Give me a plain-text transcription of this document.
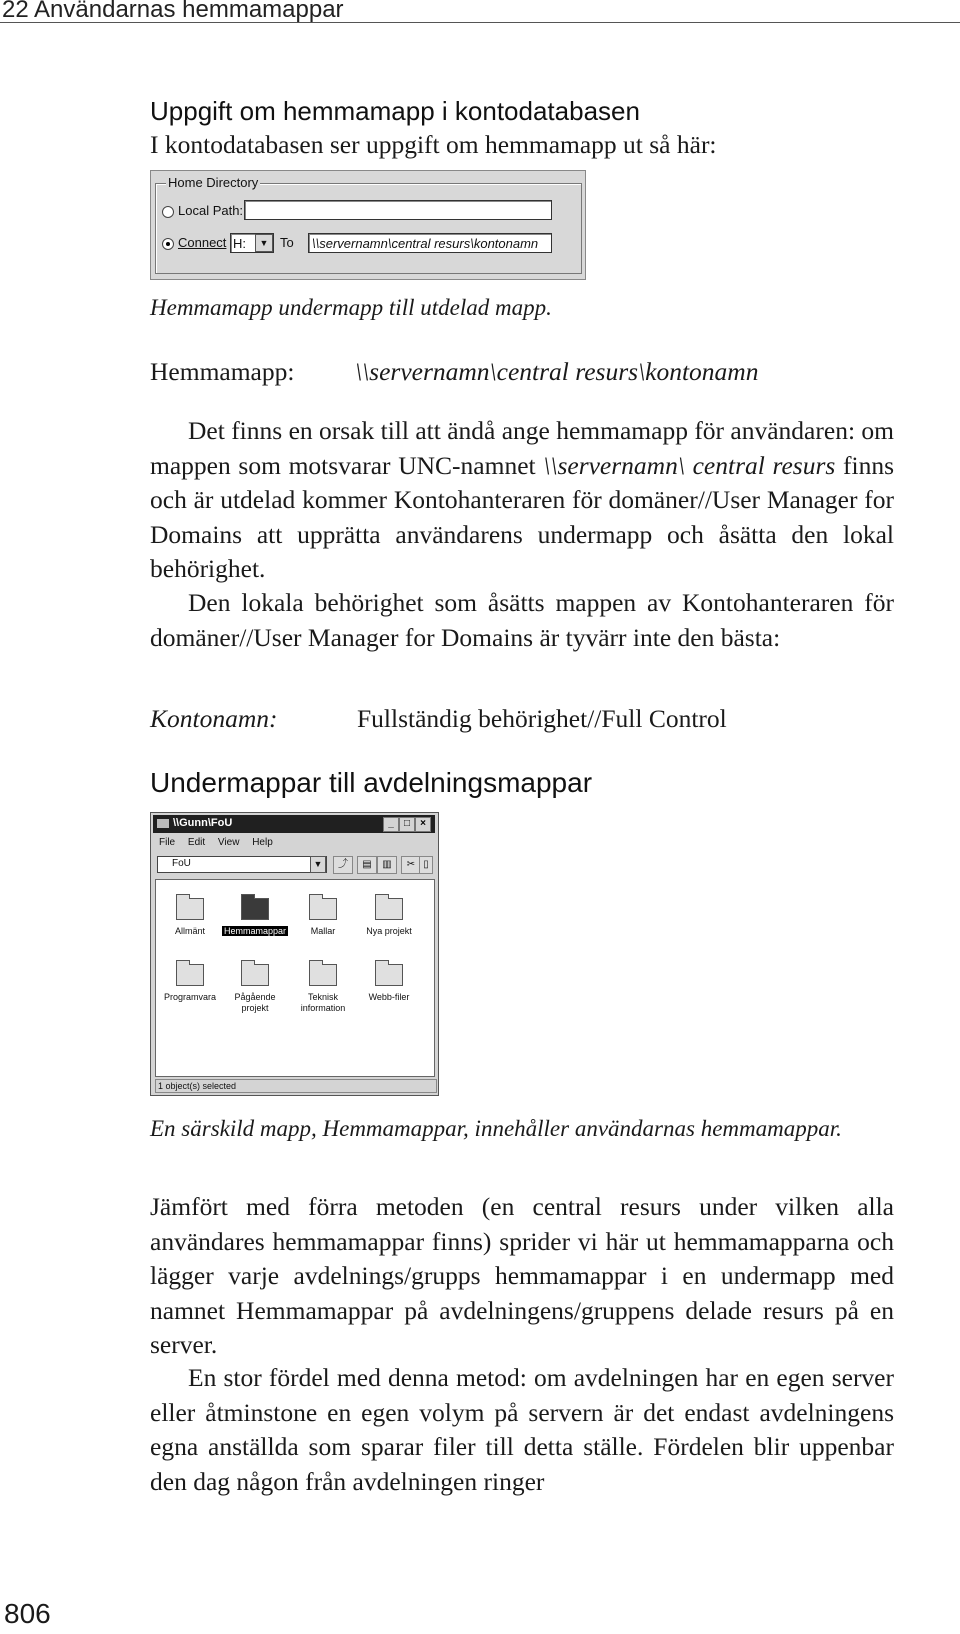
22 Användarnas hemmamappar
Uppgift om hemmamapp i kontodatabasen
I kontodatabasen ser uppgift om hemmamapp ut så här:
Home Directory
Local Path:
Connect H:	▼ To \\servernamn\central resurs\kontonamn
Hemmamapp undermapp till utdelad mapp.
Hemmamapp: \\servernamn\central resurs\kontonamn
Det finns en orsak till att ändå ange hemmamapp för användaren: om mappen som motsvarar UNC-namnet \\servernamn\ central resurs finns och är utdelad kommer Kontohanteraren för domäner//User Manager for Domains att upprätta användarens undermapp och åsätta den lokal behörighet.
Den lokala behörighet som åsätts mappen av Kontohanteraren för domäner//User Manager for Domains är tyvärr inte den bästa:
Kontonamn:	Fullständig behörighet//Full Control
Undermappar till avdelningsmappar
\\Gunn\FoU	_	□	×
File Edit View Help
FoU	▼	⤴	▤	▥	✂ ▯
Allmänt	Hemmamappar	Mallar	Nya projekt
Programvara	Pågående projekt
Teknisk information
Webb-filer
1 object(s) selected
En särskild mapp, Hemmamappar, innehåller användarnas hemmamappar.
Jämfört med förra metoden (en central resurs under vilken alla användares hemmamappar finns) sprider vi här ut hemmamapparna och lägger varje avdelnings/grupps hemmamappar i en undermapp med namnet Hemmamappar på avdelningens/gruppens delade resurs på en server.
En stor fördel med denna metod: om avdelningen har en egen server eller åtminstone en egen volym på servern är det endast avdelningens egna anställda som sparar filer till detta ställe. Fördelen blir uppenbar den dag någon från avdelningen ringer
806
